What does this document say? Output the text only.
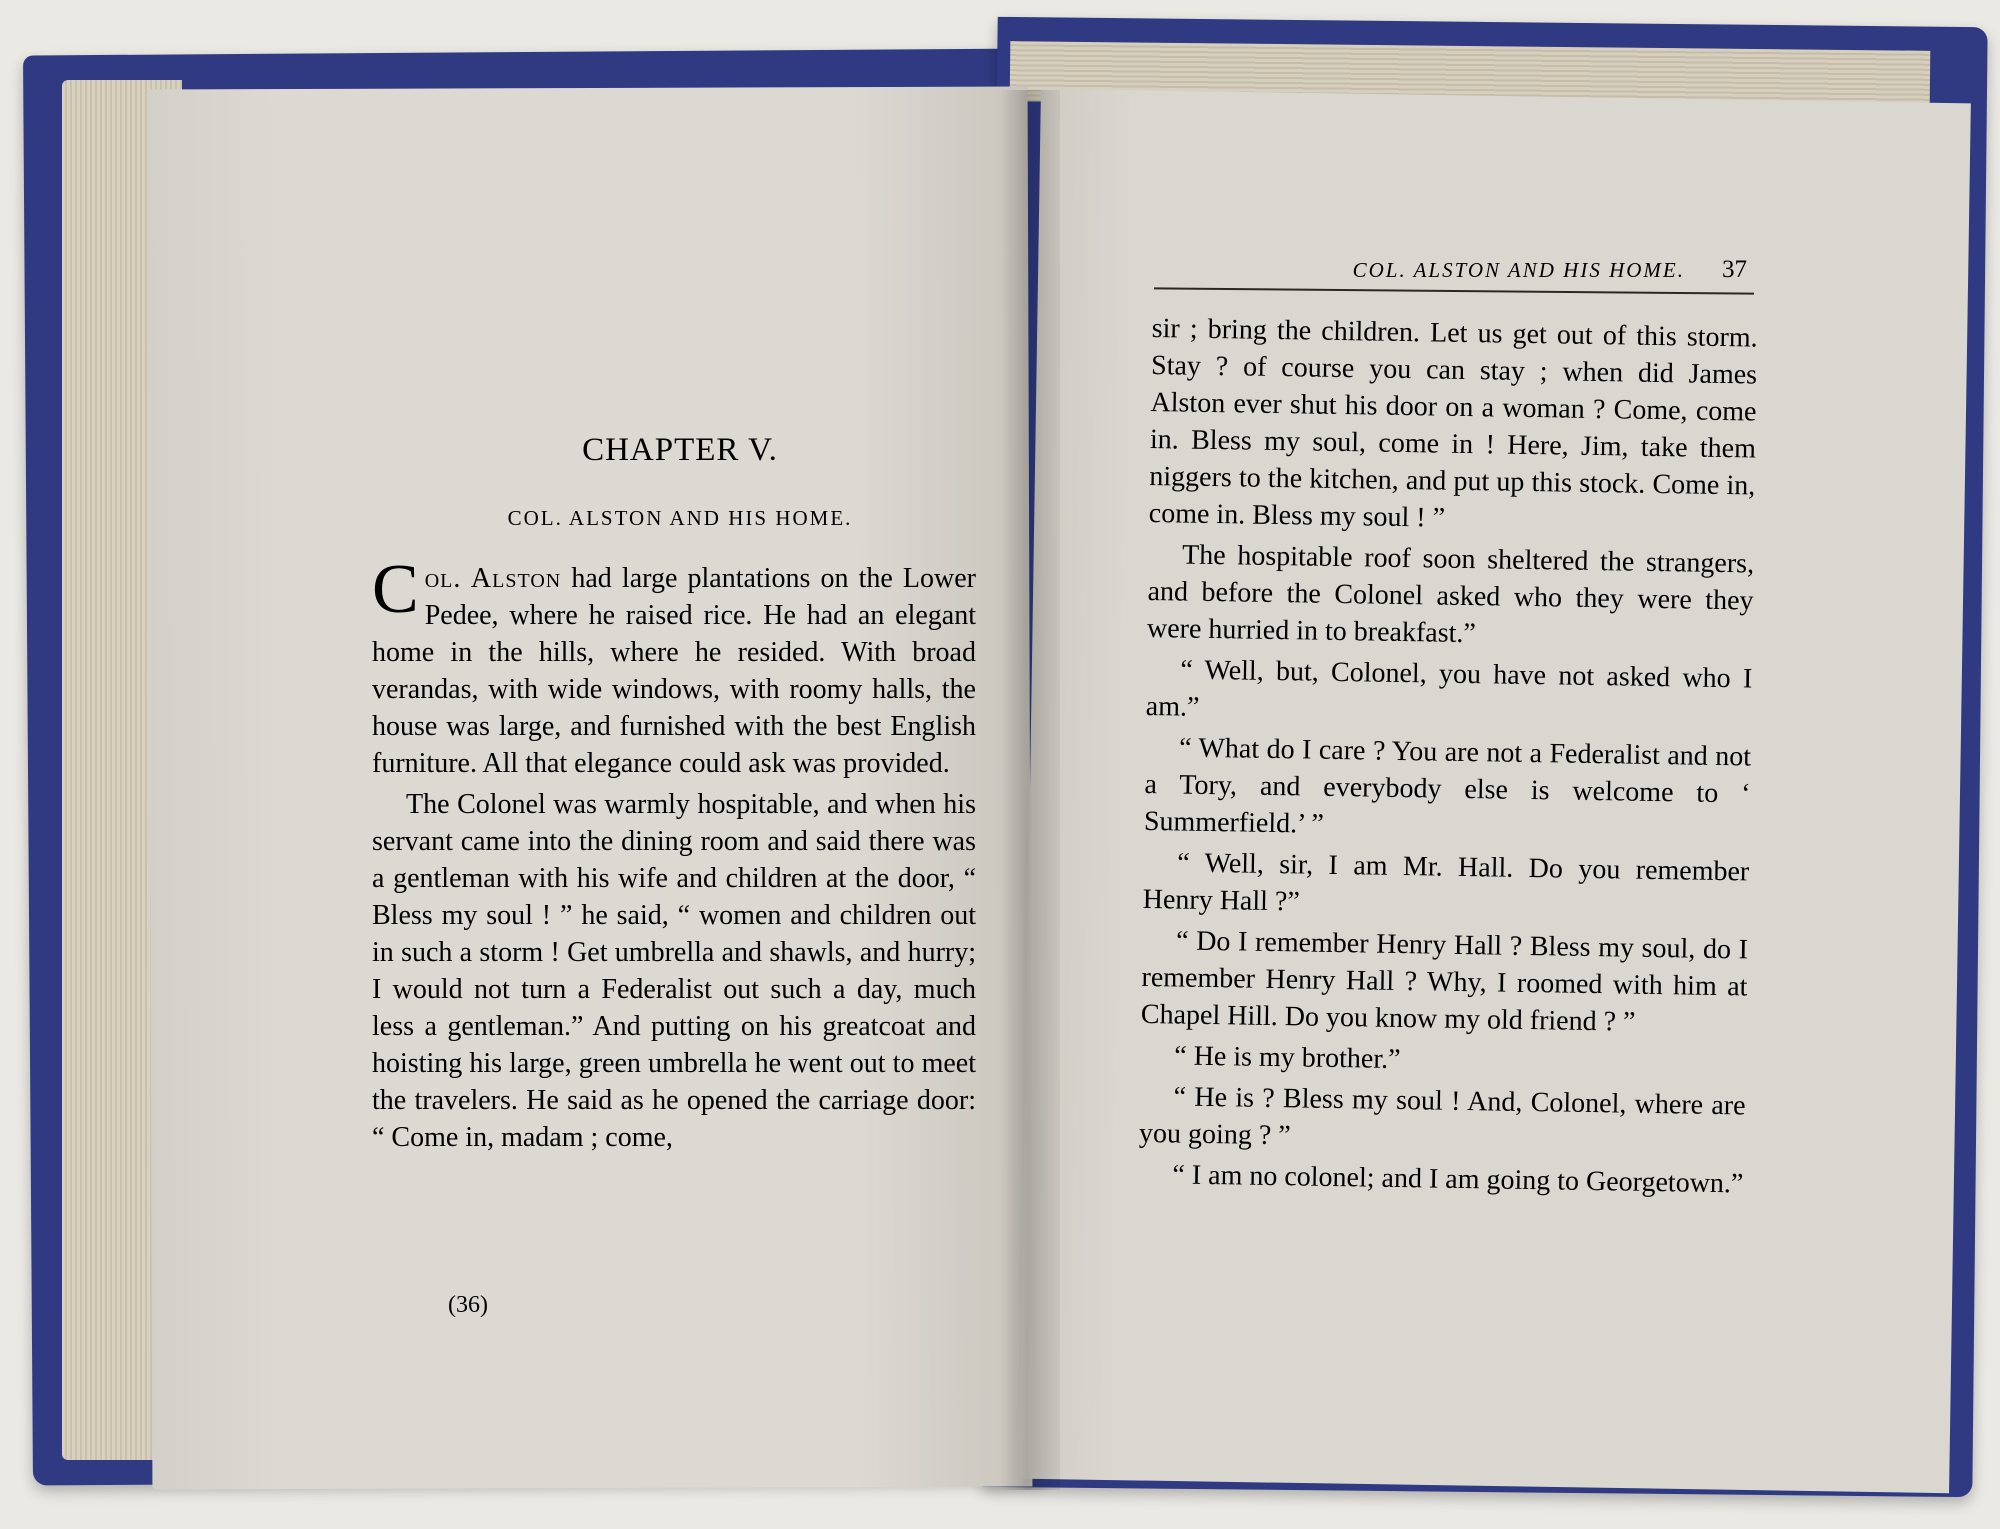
CHAPTER V.
COL. ALSTON AND HIS HOME.

Col. Alston had large plantations on the Lower Pedee, where he raised rice. He had an elegant home in the hills, where he resided. With broad verandas, with wide windows, with roomy halls, the house was large, and furnished with the best English furniture. All that elegance could ask was provided.

The Colonel was warmly hospitable, and when his servant came into the dining room and said there was a gentleman with his wife and children at the door, “ Bless my soul ! ” he said, “ women and children out in such a storm ! Get umbrella and shawls, and hurry; I would not turn a Federalist out such a day, much less a gentleman.” And putting on his greatcoat and hoisting his large, green umbrella he went out to meet the travelers. He said as he opened the carriage door: “ Come in, madam ; come,

(36)
COL. ALSTON AND HIS HOME.	37

sir ; bring the children. Let us get out of this storm. Stay ? of course you can stay ; when did James Alston ever shut his door on a woman ? Come, come in. Bless my soul, come in ! Here, Jim, take them niggers to the kitchen, and put up this stock. Come in, come in. Bless my soul ! ”

The hospitable roof soon sheltered the strangers, and before the Colonel asked who they were they were hurried in to breakfast.”

“ Well, but, Colonel, you have not asked who I am.”

“ What do I care ? You are not a Federalist and not a Tory, and everybody else is welcome to ‘ Summerfield.’ ”

“ Well, sir, I am Mr. Hall. Do you remember Henry Hall ?”

“ Do I remember Henry Hall ? Bless my soul, do I remember Henry Hall ? Why, I roomed with him at Chapel Hill. Do you know my old friend ? ”

“ He is my brother.”

“ He is ? Bless my soul ! And, Colonel, where are you going ? ”

“ I am no colonel; and I am going to Georgetown.”
